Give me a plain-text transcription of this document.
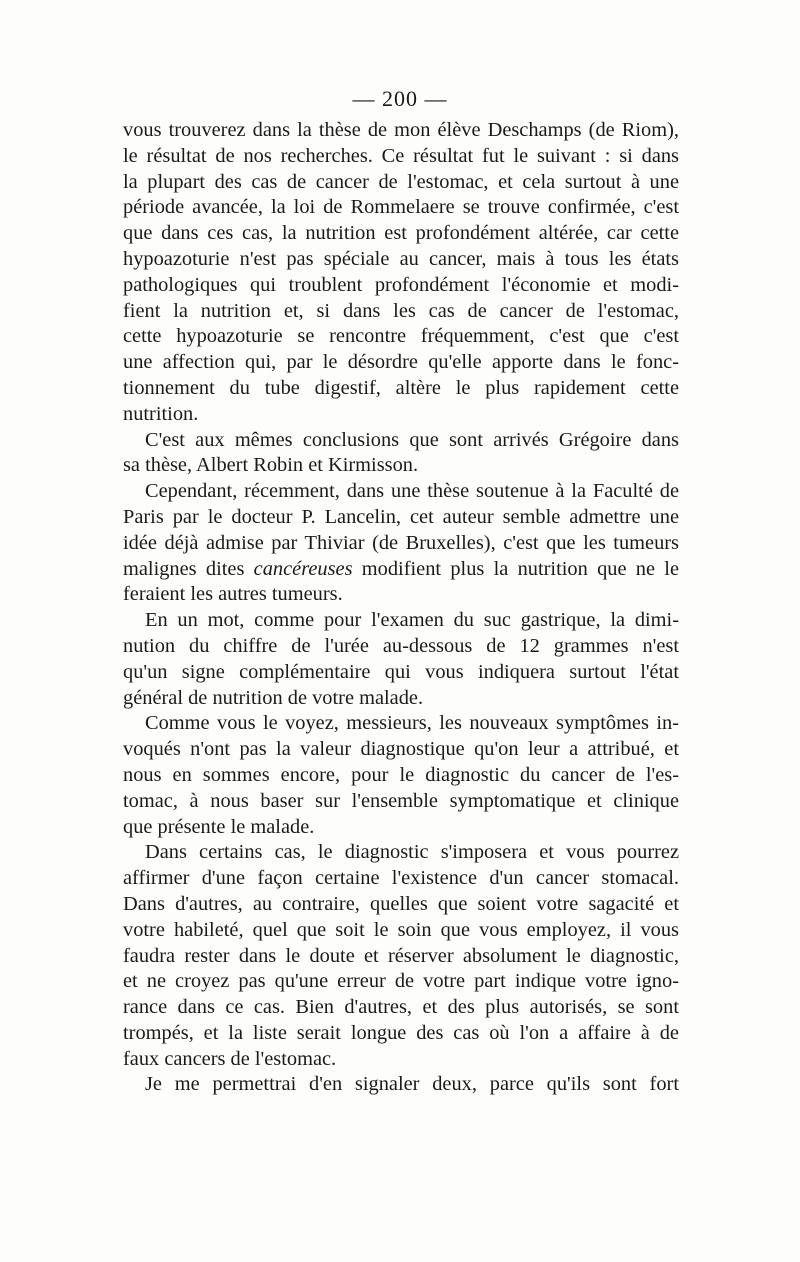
— 200 —
vous trouverez dans la thèse de mon élève Deschamps (de Riom),
le résultat de nos recherches. Ce résultat fut le suivant : si dans
la plupart des cas de cancer de l'estomac, et cela surtout à une
période avancée, la loi de Rommelaere se trouve confirmée, c'est
que dans ces cas, la nutrition est profondément altérée, car cette
hypoazoturie n'est pas spéciale au cancer, mais à tous les états
pathologiques qui troublent profondément l'économie et modi-
fient la nutrition et, si dans les cas de cancer de l'estomac,
cette hypoazoturie se rencontre fréquemment, c'est que c'est
une affection qui, par le désordre qu'elle apporte dans le fonc-
tionnement du tube digestif, altère le plus rapidement cette
nutrition.
C'est aux mêmes conclusions que sont arrivés Grégoire dans
sa thèse, Albert Robin et Kirmisson.
Cependant, récemment, dans une thèse soutenue à la Faculté de
Paris par le docteur P. Lancelin, cet auteur semble admettre une
idée déjà admise par Thiviar (de Bruxelles), c'est que les tumeurs
malignes dites cancéreuses modifient plus la nutrition que ne le
feraient les autres tumeurs.
En un mot, comme pour l'examen du suc gastrique, la dimi-
nution du chiffre de l'urée au-dessous de 12 grammes n'est
qu'un signe complémentaire qui vous indiquera surtout l'état
général de nutrition de votre malade.
Comme vous le voyez, messieurs, les nouveaux symptômes in-
voqués n'ont pas la valeur diagnostique qu'on leur a attribué, et
nous en sommes encore, pour le diagnostic du cancer de l'es-
tomac, à nous baser sur l'ensemble symptomatique et clinique
que présente le malade.
Dans certains cas, le diagnostic s'imposera et vous pourrez
affirmer d'une façon certaine l'existence d'un cancer stomacal.
Dans d'autres, au contraire, quelles que soient votre sagacité et
votre habileté, quel que soit le soin que vous employez, il vous
faudra rester dans le doute et réserver absolument le diagnostic,
et ne croyez pas qu'une erreur de votre part indique votre igno-
rance dans ce cas. Bien d'autres, et des plus autorisés, se sont
trompés, et la liste serait longue des cas où l'on a affaire à de
faux cancers de l'estomac.
Je me permettrai d'en signaler deux, parce qu'ils sont fort
